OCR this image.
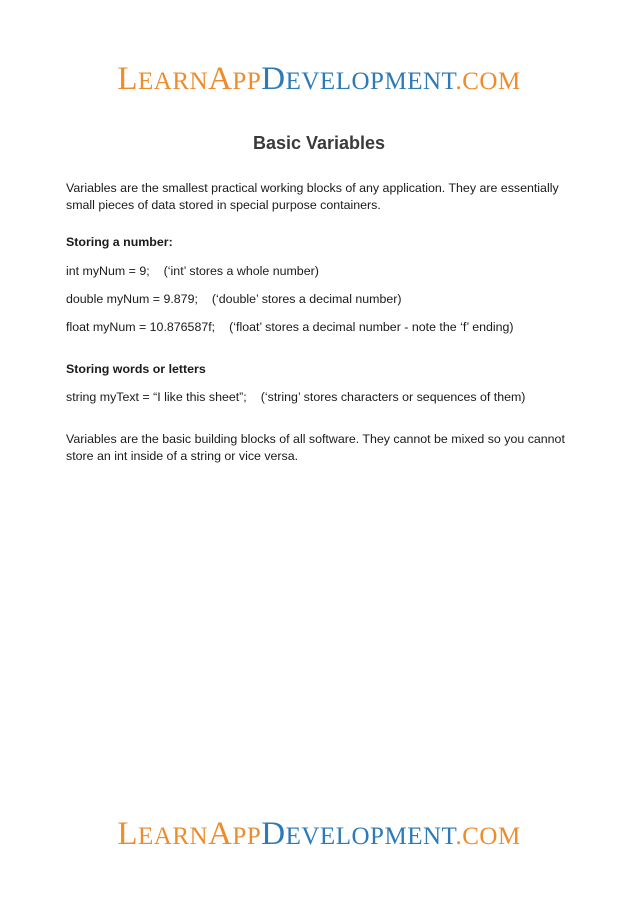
LEARNAPPDEVELOPMENT.COM
Basic Variables
Variables are the smallest practical working blocks of any application. They are essentially small pieces of data stored in special purpose containers.
Storing a number:
int myNum = 9; (‘int’ stores a whole number)
double myNum = 9.879; (‘double’ stores a decimal number)
float myNum = 10.876587f; (‘float’ stores a decimal number - note the ‘f’ ending)
Storing words or letters
string myText = “I like this sheet”; (‘string’ stores characters or sequences of them)
Variables are the basic building blocks of all software. They cannot be mixed so you cannot store an int inside of a string or vice versa.
LEARNAPPDEVELOPMENT.COM
